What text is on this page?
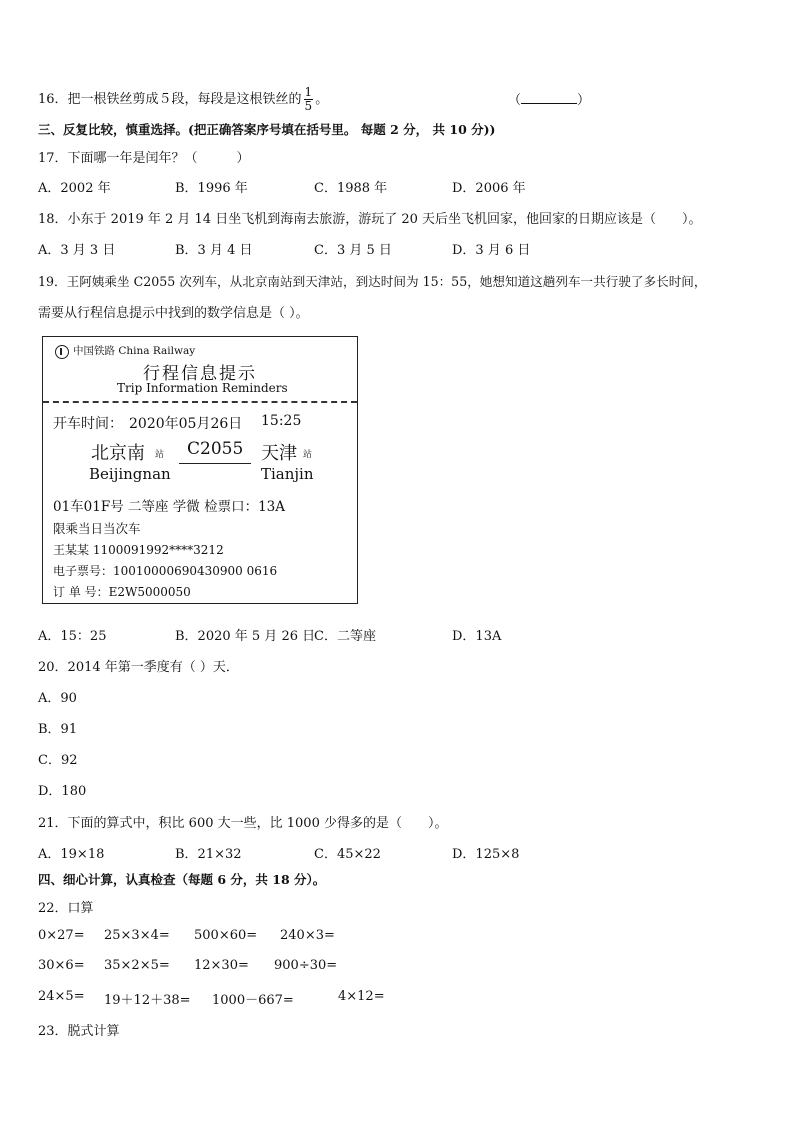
16．把一根铁丝剪成５段，每段是这根铁丝的 $\frac{1}{5}$ 。	（	）
三、反复比较，慎重选择。(把正确答案序号填在括号里。 每题 2 分， 共 10 分))
17．下面哪一年是闰年？（　　　）
A．2002 年	B．1996 年	C．1988 年	D．2006 年
18．小东于 2019 年 2 月 14 日坐飞机到海南去旅游，游玩了 20 天后坐飞机回家，他回家的日期应该是（　　）。
A．3 月 3 日	B．3 月 4 日	C．3 月 5 日	D．3 月 6 日
19．王阿姨乘坐 C2055 次列车，从北京南站到天津站，到达时间为 15：55，她想知道这趟列车一共行驶了多长时间，
需要从行程信息提示中找到的数学信息是（ ）。
中国铁路 China Railway
行程信息提示
Trip Information Reminders
开车时间： 2020年05月26日 15:25
北京南 站 C2055 天津 站
Beijingnan	Tianjin
01车01F号 二等座 学微 检票口：13A
限乘当日当次车
王某某 1100091992****3212
电子票号：10010000690430900 0616
订 单 号：E2W5000050
A．15：25	B．2020 年 5 月 26 日
C．二等座	D．13A
20．2014 年第一季度有（ ）天．
A．90
B．91
C．92
D．180
21．下面的算式中，积比 600 大一些，比 1000 少得多的是（　　）。
A．19×18	B．21×32	C．45×22	D．125×8
四、细心计算，认真检查（每题 6 分，共 18 分）。
22．口算
0×27= 25×3×4= 500×60= 240×3=
30×6= 35×2×5= 12×30= 900÷30=
24×5= 19＋12＋38= 1000－667=	4×12=
23．脱式计算
